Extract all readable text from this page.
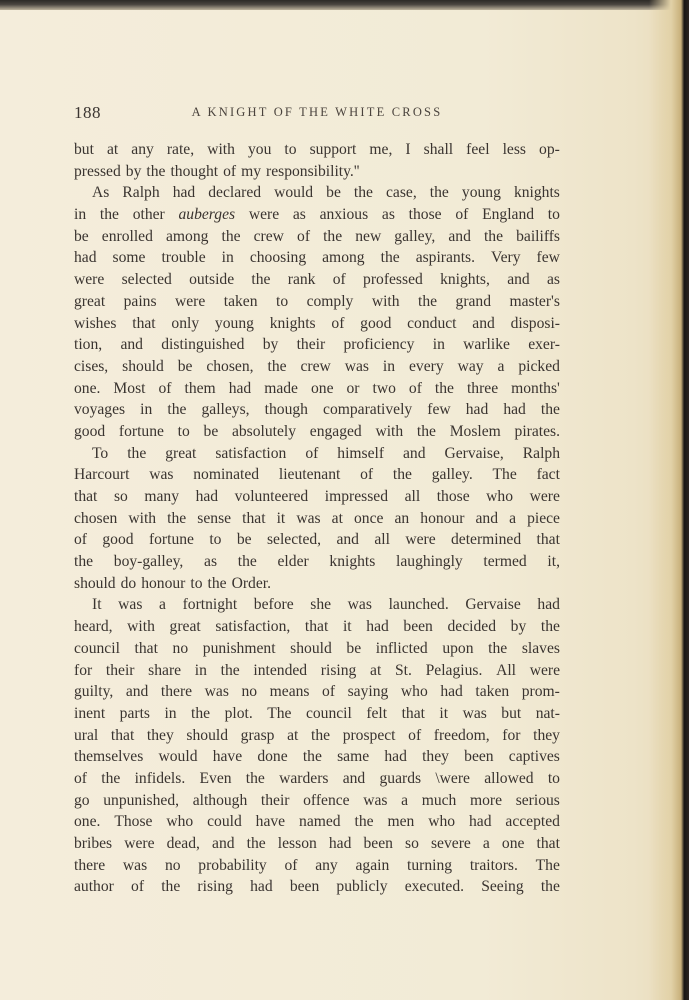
188	A KNIGHT OF THE WHITE CROSS
but at any rate, with you to support me, I shall feel less op-
pressed by the thought of my responsibility.''
As Ralph had declared would be the case, the young knights
in the other auberges were as anxious as those of England to
be enrolled among the crew of the new galley, and the bailiffs
had some trouble in choosing among the aspirants. Very few
were selected outside the rank of professed knights, and as
great pains were taken to comply with the grand master's
wishes that only young knights of good conduct and disposi-
tion, and distinguished by their proficiency in warlike exer-
cises, should be chosen, the crew was in every way a picked
one. Most of them had made one or two of the three months'
voyages in the galleys, though comparatively few had had the
good fortune to be absolutely engaged with the Moslem pirates.
To the great satisfaction of himself and Gervaise, Ralph
Harcourt was nominated lieutenant of the galley. The fact
that so many had volunteered impressed all those who were
chosen with the sense that it was at once an honour and a piece
of good fortune to be selected, and all were determined that
the boy-galley, as the elder knights laughingly termed it,
should do honour to the Order.
It was a fortnight before she was launched. Gervaise had
heard, with great satisfaction, that it had been decided by the
council that no punishment should be inflicted upon the slaves
for their share in the intended rising at St. Pelagius. All were
guilty, and there was no means of saying who had taken prom-
inent parts in the plot. The council felt that it was but nat-
ural that they should grasp at the prospect of freedom, for they
themselves would have done the same had they been captives
of the infidels. Even the warders and guards \were allowed to
go unpunished, although their offence was a much more serious
one. Those who could have named the men who had accepted
bribes were dead, and the lesson had been so severe a one that
there was no probability of any again turning traitors. The
author of the rising had been publicly executed. Seeing the
